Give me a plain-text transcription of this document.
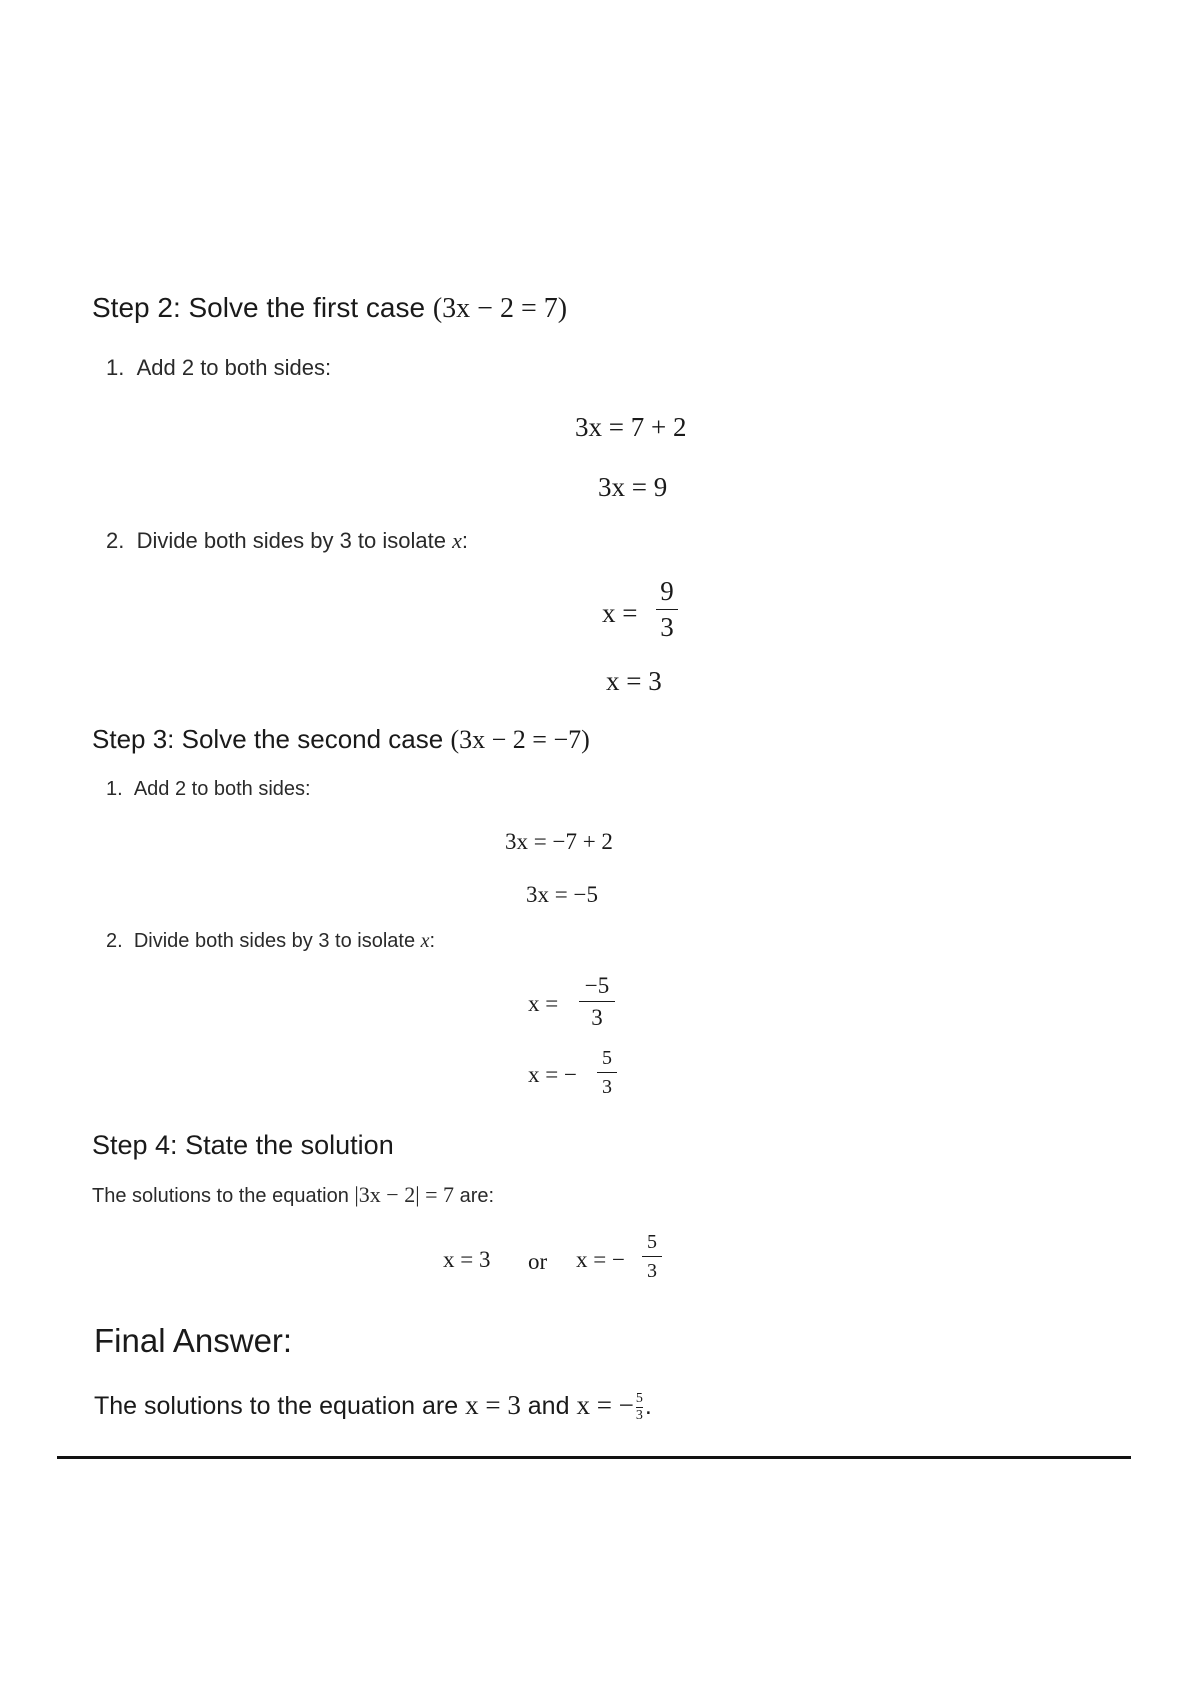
Step 2: Solve the first case (3x − 2 = 7)
1. Add 2 to both sides:
3x = 7 + 2
3x = 9
2. Divide both sides by 3 to isolate x:
x =
9
3
x = 3
Step 3: Solve the second case (3x − 2 = −7)
1. Add 2 to both sides:
3x = −7 + 2
3x = −5
2. Divide both sides by 3 to isolate x:
x =
−5
3
x = −
5
3
Step 4: State the solution
The solutions to the equation |3x − 2| = 7 are:
x = 3 or x = −
5
3
Final Answer:
The solutions to the equation are x = 3 and x = − $\frac{5}{3}$ .
